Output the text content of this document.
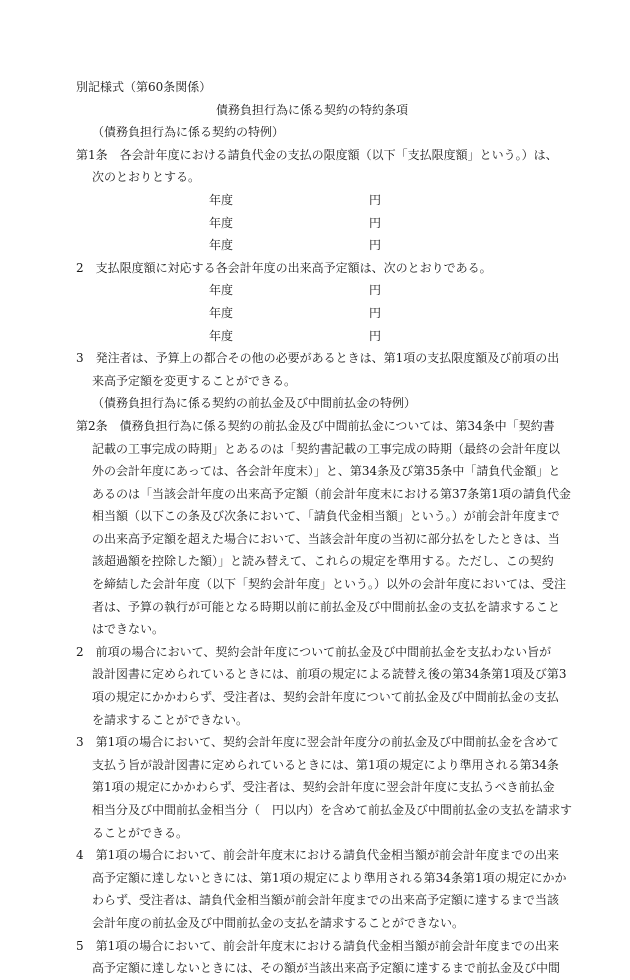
別記様式（第60条関係）
債務負担行為に係る契約の特約条項
（債務負担行為に係る契約の特例）
第1条　各会計年度における請負代金の支払の限度額（以下「支払限度額」という。）は、
次のとおりとする。
年度	円
年度	円
年度	円
2　支払限度額に対応する各会計年度の出来高予定額は、次のとおりである。
年度	円
年度	円
年度	円
3　発注者は、予算上の都合その他の必要があるときは、第1項の支払限度額及び前項の出
来高予定額を変更することができる。
（債務負担行為に係る契約の前払金及び中間前払金の特例）
第2条　債務負担行為に係る契約の前払金及び中間前払金については、第34条中「契約書
記載の工事完成の時期」とあるのは「契約書記載の工事完成の時期（最終の会計年度以
外の会計年度にあっては、各会計年度末）」と、第34条及び第35条中「請負代金額」と
あるのは「当該会計年度の出来高予定額（前会計年度末における第37条第1項の請負代金
相当額（以下この条及び次条において、「請負代金相当額」という。）が前会計年度まで
の出来高予定額を超えた場合において、当該会計年度の当初に部分払をしたときは、当
該超過額を控除した額）」と読み替えて、これらの規定を準用する。ただし、この契約
を締結した会計年度（以下「契約会計年度」という。）以外の会計年度においては、受注
者は、予算の執行が可能となる時期以前に前払金及び中間前払金の支払を請求すること
はできない。
2　前項の場合において、契約会計年度について前払金及び中間前払金を支払わない旨が
設計図書に定められているときには、前項の規定による読替え後の第34条第1項及び第3
項の規定にかかわらず、受注者は、契約会計年度について前払金及び中間前払金の支払
を請求することができない。
3　第1項の場合において、契約会計年度に翌会計年度分の前払金及び中間前払金を含めて
支払う旨が設計図書に定められているときには、第1項の規定により準用される第34条
第1項の規定にかかわらず、受注者は、契約会計年度に翌会計年度に支払うべき前払金
相当分及び中間前払金相当分（　円以内）を含めて前払金及び中間前払金の支払を請求す
ることができる。
4　第1項の場合において、前会計年度末における請負代金相当額が前会計年度までの出来
高予定額に達しないときには、第1項の規定により準用される第34条第1項の規定にかか
わらず、受注者は、請負代金相当額が前会計年度までの出来高予定額に達するまで当該
会計年度の前払金及び中間前払金の支払を請求することができない。
5　第1項の場合において、前会計年度末における請負代金相当額が前会計年度までの出来
高予定額に達しないときには、その額が当該出来高予定額に達するまで前払金及び中間
